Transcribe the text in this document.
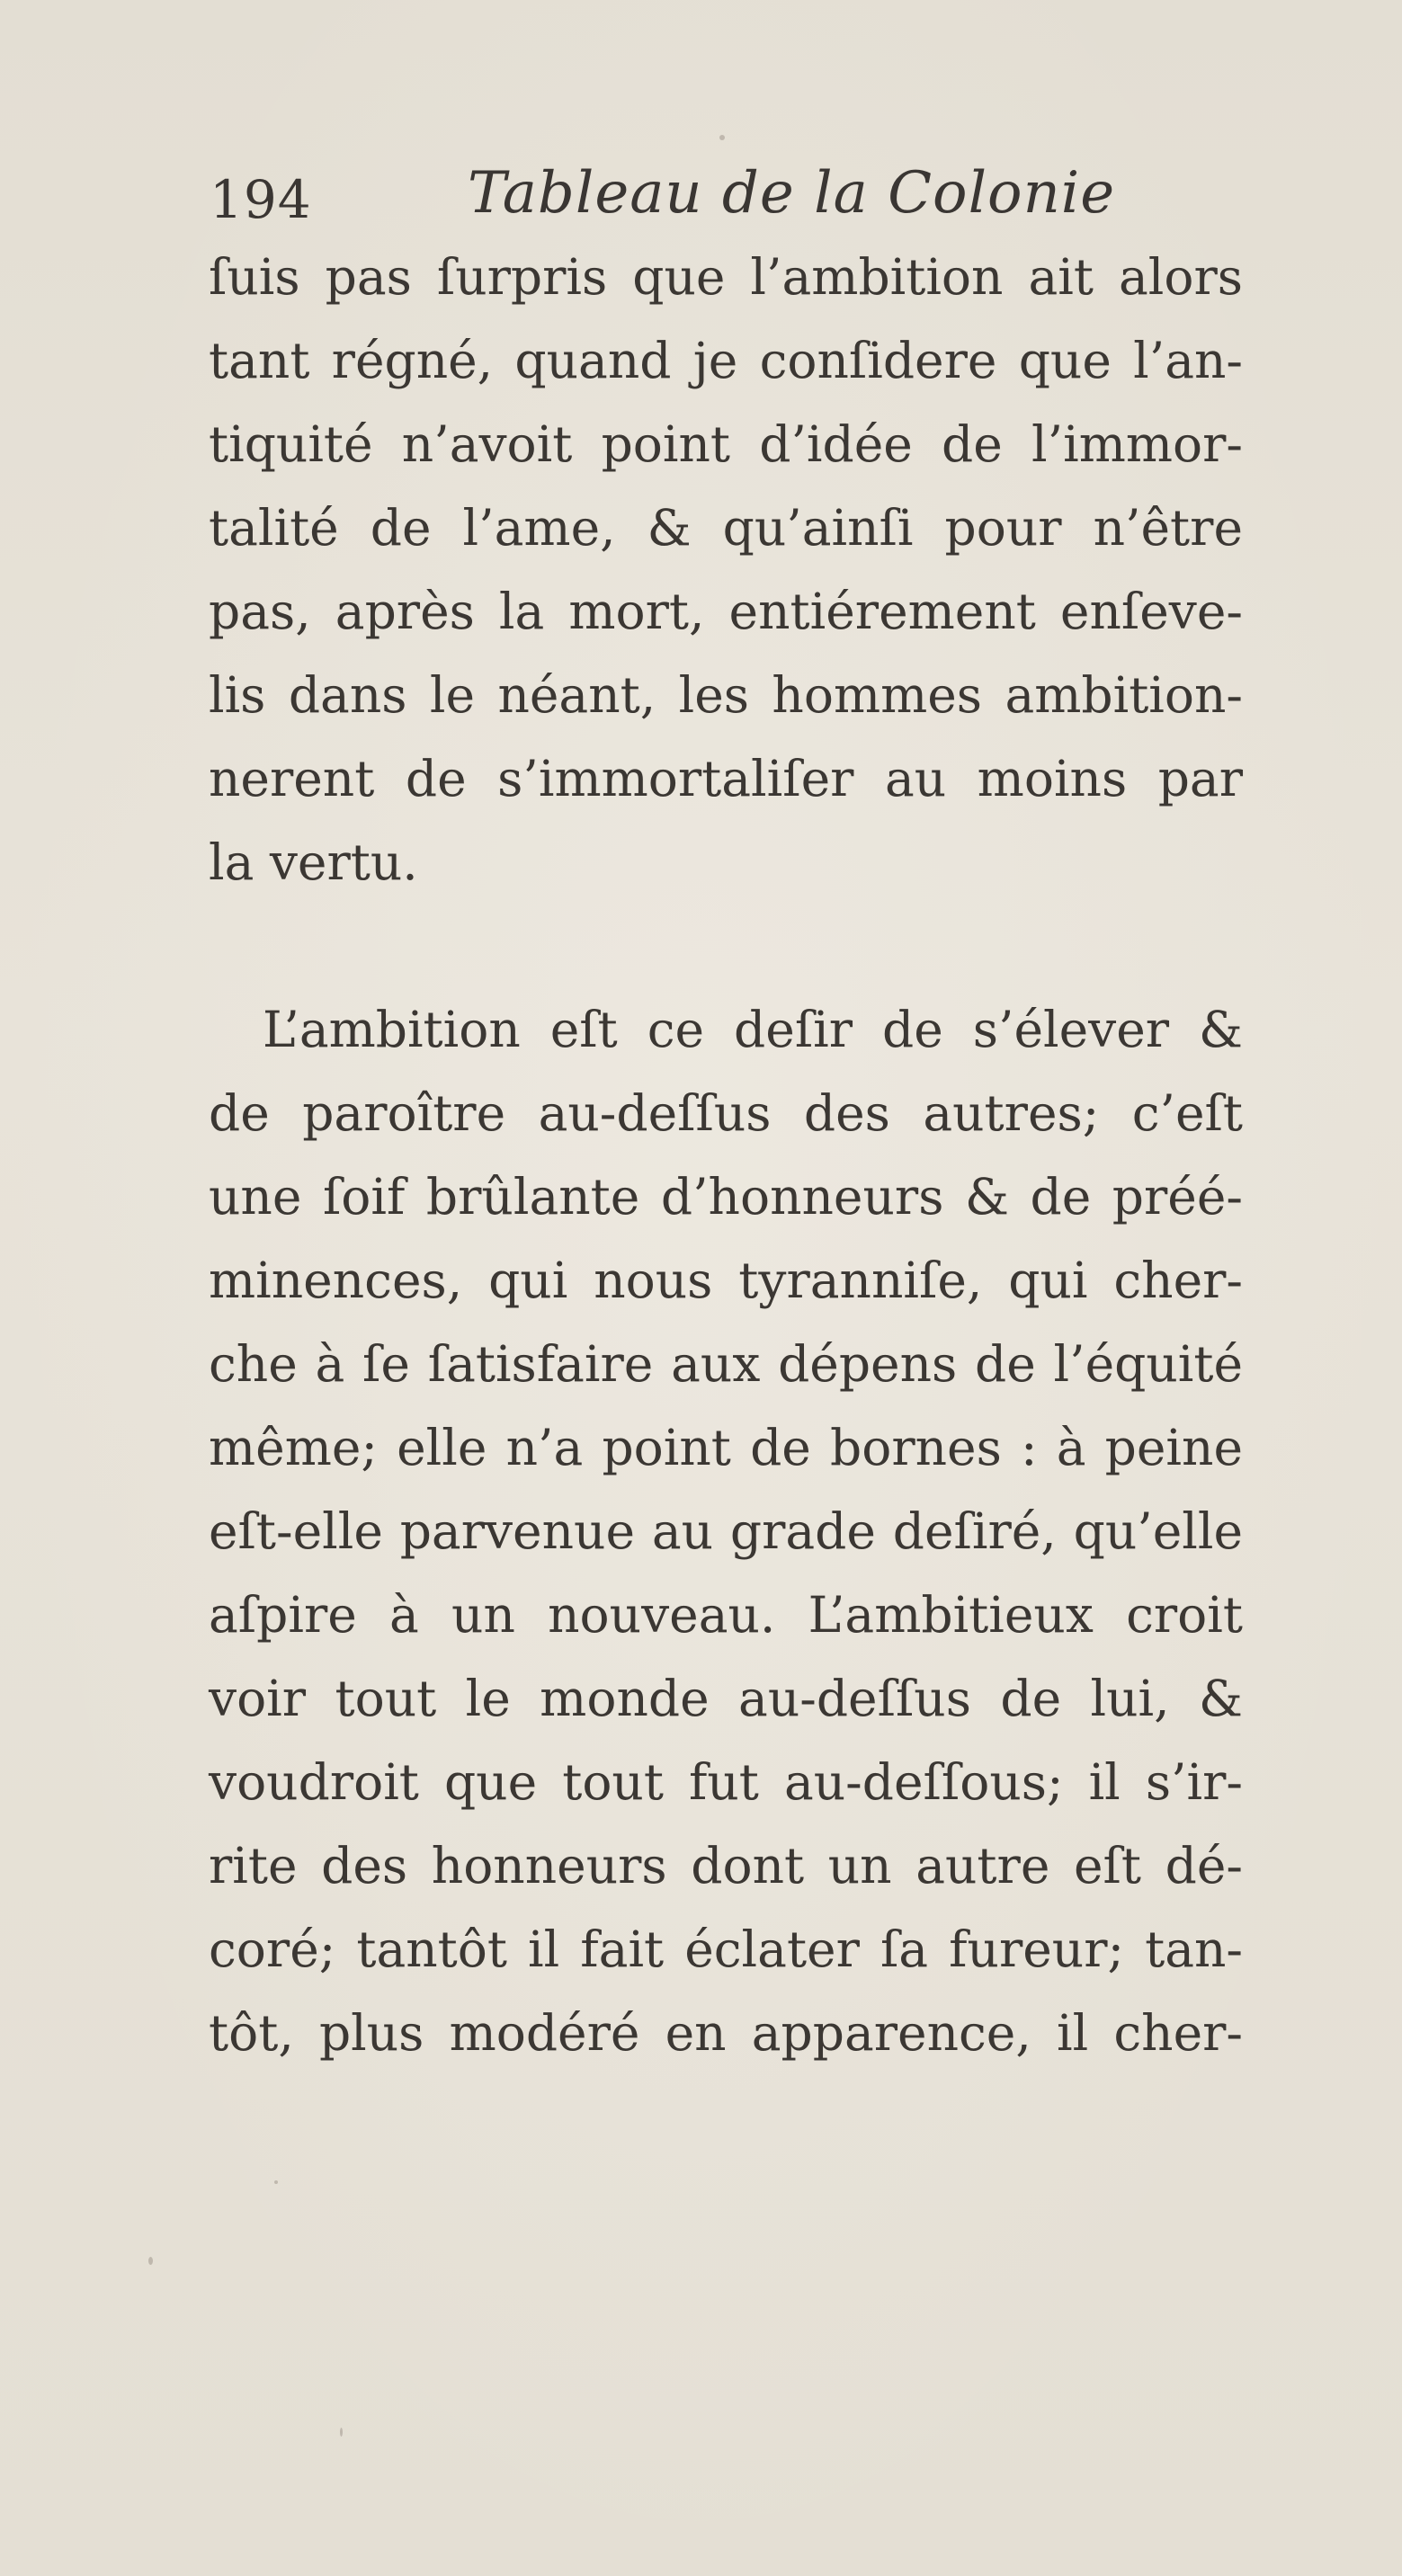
194	Tableau de la Colonie
ſuis pas ſurpris que l’ambition ait alors
tant régné, quand je conſidere que l’an-
tiquité n’avoit point d’idée de l’immor-
talité de l’ame, & qu’ainſi pour n’être
pas, après la mort, entiérement enſeve-
lis dans le néant, les hommes ambition-
nerent de s’immortaliſer au moins par
la vertu.
L’ambition eſt ce deſir de s’élever &
de paroître au-deſſus des autres; c’eſt
une ſoif brûlante d’honneurs & de préé-
minences, qui nous tyranniſe, qui cher-
che à ſe ſatisfaire aux dépens de l’équité
même; elle n’a point de bornes : à peine
eſt-elle parvenue au grade deſiré, qu’elle
aſpire à un nouveau. L’ambitieux croit
voir tout le monde au-deſſus de lui, &
voudroit que tout fut au-deſſous; il s’ir-
rite des honneurs dont un autre eſt dé-
coré; tantôt il fait éclater ſa fureur; tan-
tôt, plus modéré en apparence, il cher-
